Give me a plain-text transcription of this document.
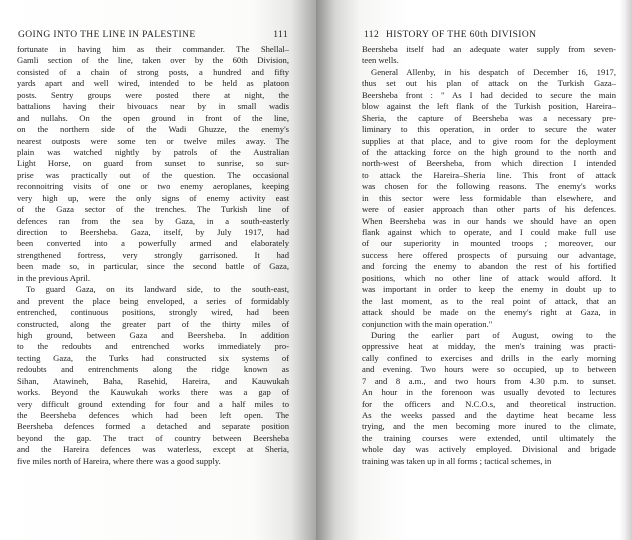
GOING INTO THE LINE IN PALESTINE	111
fortunate in having him as their commander. The Shellal–
Gamli section of the line, taken over by the 60th Division,
consisted of a chain of strong posts, a hundred and fifty
yards apart and well wired, intended to be held as platoon
posts. Sentry groups were posted there at night, the
battalions having their bivouacs near by in small wadis
and nullahs. On the open ground in front of the line,
on the northern side of the Wadi Ghuzze, the enemy's
nearest outposts were some ten or twelve miles away. The
plain was watched nightly by patrols of the Australian
Light Horse, on guard from sunset to sunrise, so sur-
prise was practically out of the question. The occasional
reconnoitring visits of one or two enemy aeroplanes, keeping
very high up, were the only signs of enemy activity east
of the Gaza sector of the trenches. The Turkish line of
defences ran from the sea by Gaza, in a south-easterly
direction to Beersheba. Gaza, itself, by July 1917, had
been converted into a powerfully armed and elaborately
strengthened fortress, very strongly garrisoned. It had
been made so, in particular, since the second battle of Gaza,
in the previous April.
To guard Gaza, on its landward side, to the south-east,
and prevent the place being enveloped, a series of formidably
entrenched, continuous positions, strongly wired, had been
constructed, along the greater part of the thirty miles of
high ground, between Gaza and Beersheba. In addition
to the redoubts and entrenched works immediately pro-
tecting Gaza, the Turks had constructed six systems of
redoubts and entrenchments along the ridge known as
Sihan, Atawineh, Baha, Rasehid, Hareira, and Kauwukah
works. Beyond the Kauwukah works there was a gap of
very difficult ground extending for four and a half miles to
the Beersheba defences which had been left open. The
Beersheba defences formed a detached and separate position
beyond the gap. The tract of country between Beersheba
and the Hareira defences was waterless, except at Sheria,
five miles north of Hareira, where there was a good supply.
112 HISTORY OF THE 60th DIVISION
Beersheba itself had an adequate water supply from seven-
teen wells.
General Allenby, in his despatch of December 16, 1917,
thus set out his plan of attack on the Turkish Gaza–
Beersheba front : " As I had decided to secure the main
blow against the left flank of the Turkish position, Hareira–
Sheria, the capture of Beersheba was a necessary pre-
liminary to this operation, in order to secure the water
supplies at that place, and to give room for the deployment
of the attacking force on the high ground to the north and
north-west of Beersheba, from which direction I intended
to attack the Hareira–Sheria line. This front of attack
was chosen for the following reasons. The enemy's works
in this sector were less formidable than elsewhere, and
were of easier approach than other parts of his defences.
When Beersheba was in our hands we should have an open
flank against which to operate, and I could make full use
of our superiority in mounted troops ; moreover, our
success here offered prospects of pursuing our advantage,
and forcing the enemy to abandon the rest of his fortified
positions, which no other line of attack would afford. It
was important in order to keep the enemy in doubt up to
the last moment, as to the real point of attack, that an
attack should be made on the enemy's right at Gaza, in
conjunction with the main operation."
During the earlier part of August, owing to the
oppressive heat at midday, the men's training was practi-
cally confined to exercises and drills in the early morning
and evening. Two hours were so occupied, up to between
7 and 8 a.m., and two hours from 4.30 p.m. to sunset.
An hour in the forenoon was usually devoted to lectures
for the officers and N.C.O.s, and theoretical instruction.
As the weeks passed and the daytime heat became less
trying, and the men becoming more inured to the climate,
the training courses were extended, until ultimately the
whole day was actively employed. Divisional and brigade
training was taken up in all forms ; tactical schemes, in
